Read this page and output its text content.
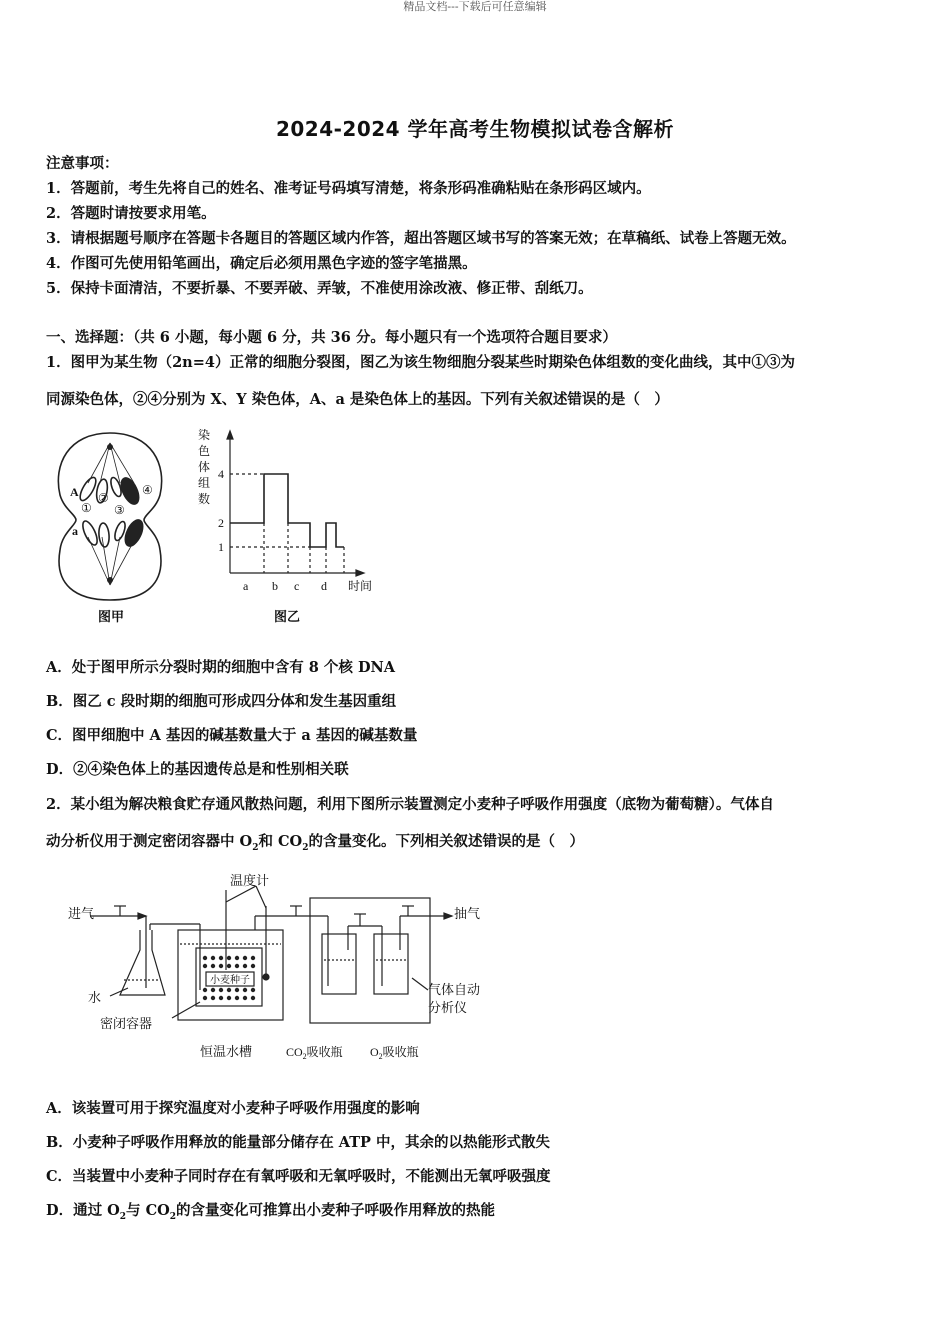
精品文档---下载后可任意编辑
2024-2024 学年高考生物模拟试卷含解析
注意事项：
1．答题前，考生先将自己的姓名、准考证号码填写清楚，将条形码准确粘贴在条形码区域内。
2．答题时请按要求用笔。
3．请根据题号顺序在答题卡各题目的答题区域内作答，超出答题区域书写的答案无效；在草稿纸、试卷上答题无效。
4．作图可先使用铅笔画出，确定后必须用黑色字迹的签字笔描黑。
5．保持卡面清洁，不要折暴、不要弄破、弄皱，不准使用涂改液、修正带、刮纸刀。
一、选择题：（共 6 小题，每小题 6 分，共 36 分。每小题只有一个选项符合题目要求）
1．图甲为某生物（2n=4）正常的细胞分裂图，图乙为该生物细胞分裂某些时期染色体组数的变化曲线，其中①③为
同源染色体，②④分别为 X、Y 染色体，A、a 是染色体上的基因。下列有关叙述错误的是（　）
A
a
①
②
③
④
图甲
染
色
体
组
数
4
2
1
a b c d 时间
图乙
A．处于图甲所示分裂时期的细胞中含有 8 个核 DNA
B．图乙 c 段时期的细胞可形成四分体和发生基因重组
C．图甲细胞中 A 基因的碱基数量大于 a 基因的碱基数量
D．②④染色体上的基因遗传总是和性别相关联
2．某小组为解决粮食贮存通风散热问题，利用下图所示装置测定小麦种子呼吸作用强度（底物为葡萄糖）。气体自
动分析仪用于测定密闭容器中 $O_2$和 $CO_2$的含量变化。下列相关叙述错误的是（　）
进气	抽气
温度计
水
小麦种子
密闭容器
恒温水槽	$CO_2$吸收瓶 $O_2$吸收瓶
气体自动
分析仪
A．该装置可用于探究温度对小麦种子呼吸作用强度的影响
B．小麦种子呼吸作用释放的能量部分储存在 ATP 中，其余的以热能形式散失
C．当装置中小麦种子同时存在有氧呼吸和无氧呼吸时，不能测出无氧呼吸强度
D．通过 $O_2$与 $CO_2$的含量变化可推算出小麦种子呼吸作用释放的热能
